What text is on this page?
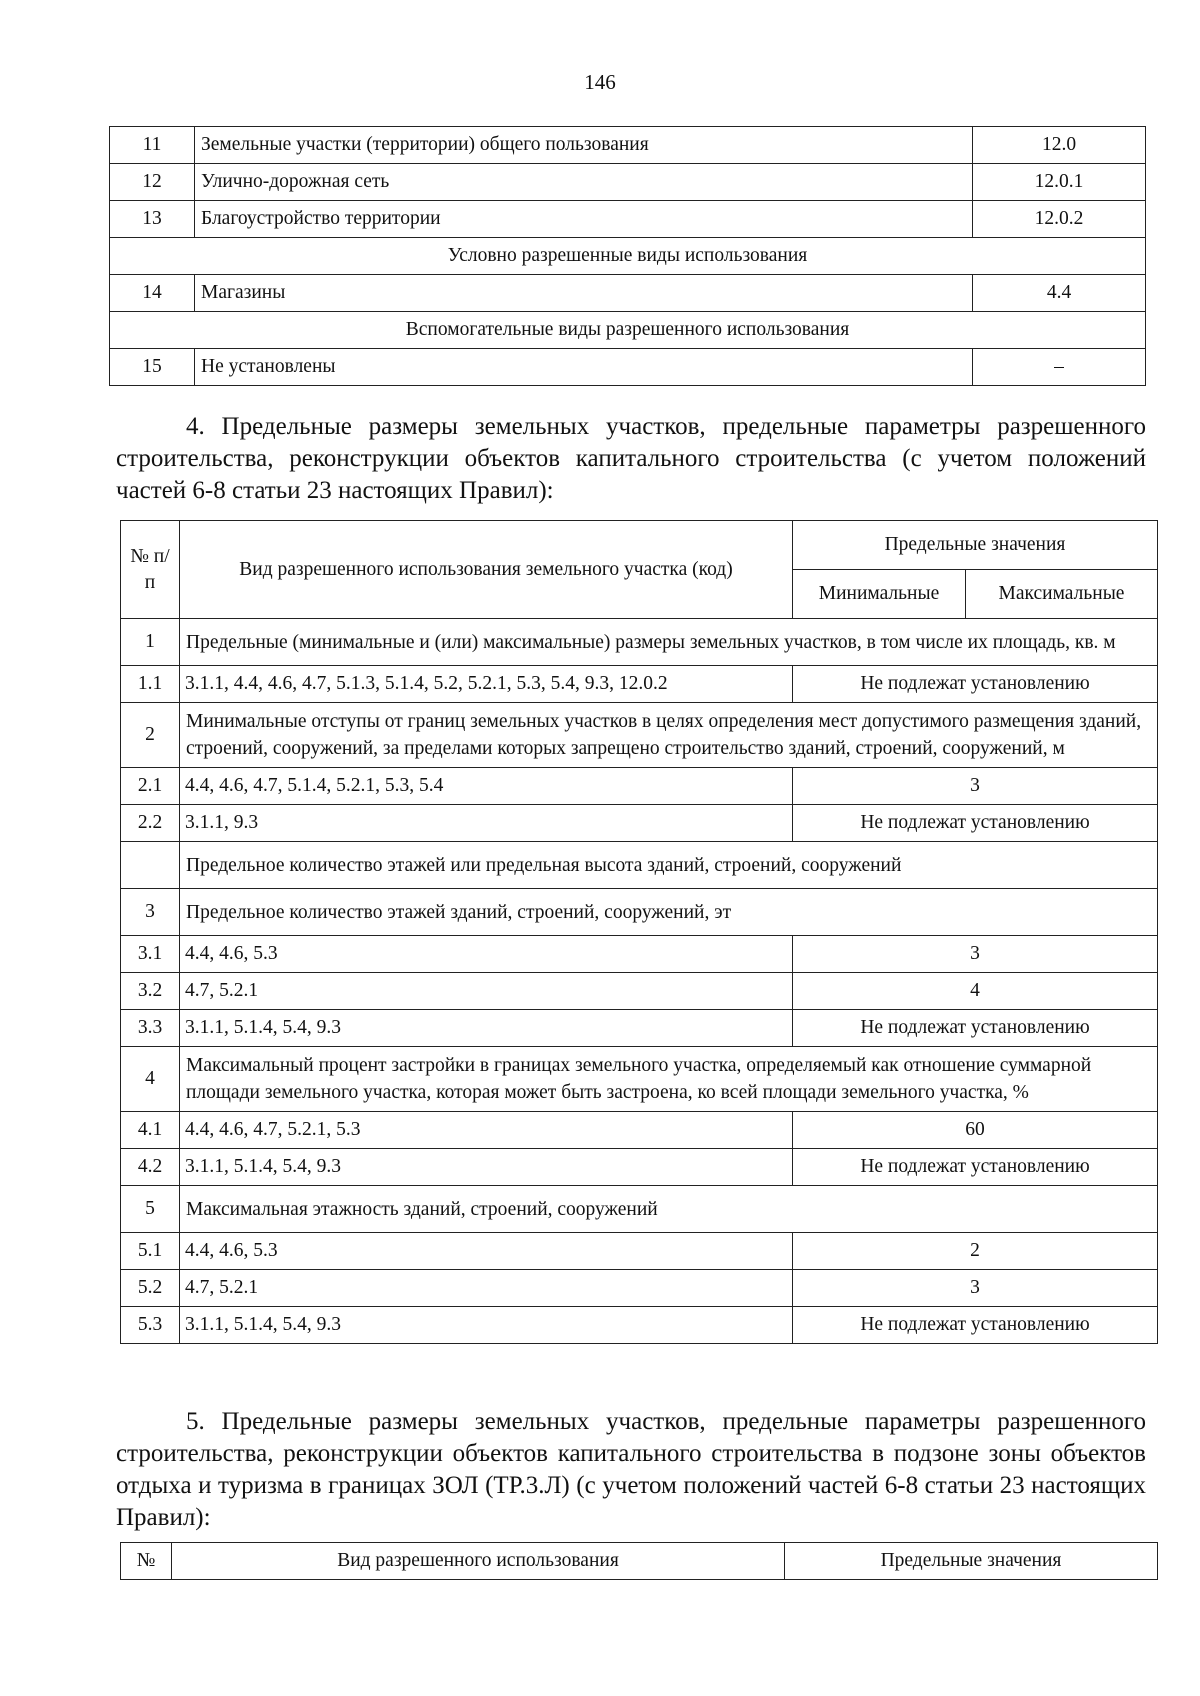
146
11	Земельные участки (территории) общего пользования	12.0
12	Улично-дорожная сеть	12.0.1
13	Благоустройство территории	12.0.2
Условно разрешенные виды использования		
14	Магазины	4.4
Вспомогательные виды разрешенного использования		
15	Не установлены	–
4. Предельные размеры земельных участков, предельные параметры разрешенного строительства, реконструкции объектов капитального строительства (с учетом положений частей 6-8 статьи 23 настоящих Правил):
№ п/п	Вид разрешенного использования земельного участка (код)	Предельные значения	
		Минимальные	Максимальные
1	Предельные (минимальные и (или) максимальные) размеры земельных участков, в том числе их площадь, кв. м		
1.1	3.1.1, 4.4, 4.6, 4.7, 5.1.3, 5.1.4, 5.2, 5.2.1, 5.3, 5.4, 9.3, 12.0.2	Не подлежат установлению	
2	Минимальные отступы от границ земельных участков в целях определения мест допустимого размещения зданий, строений, сооружений, за пределами которых запрещено строительство зданий, строений, сооружений, м		
2.1	4.4, 4.6, 4.7, 5.1.4, 5.2.1, 5.3, 5.4	3	
2.2	3.1.1, 9.3	Не подлежат установлению	
	Предельное количество этажей или предельная высота зданий, строений, сооружений		
3	Предельное количество этажей зданий, строений, сооружений, эт		
3.1	4.4, 4.6, 5.3	3	
3.2	4.7, 5.2.1	4	
3.3	3.1.1, 5.1.4, 5.4, 9.3	Не подлежат установлению	
4	Максимальный процент застройки в границах земельного участка, определяемый как отношение суммарной площади земельного участка, которая может быть застроена, ко всей площади земельного участка, %		
4.1	4.4, 4.6, 4.7, 5.2.1, 5.3	60	
4.2	3.1.1, 5.1.4, 5.4, 9.3	Не подлежат установлению	
5	Максимальная этажность зданий, строений, сооружений		
5.1	4.4, 4.6, 5.3	2	
5.2	4.7, 5.2.1	3	
5.3	3.1.1, 5.1.4, 5.4, 9.3	Не подлежат установлению	
5. Предельные размеры земельных участков, предельные параметры разрешенного строительства, реконструкции объектов капитального строительства в подзоне зоны объектов отдыха и туризма в границах ЗОЛ (ТР.3.Л) (с учетом положений частей 6-8 статьи 23 настоящих Правил):
№	Вид разрешенного использования	Предельные значения
